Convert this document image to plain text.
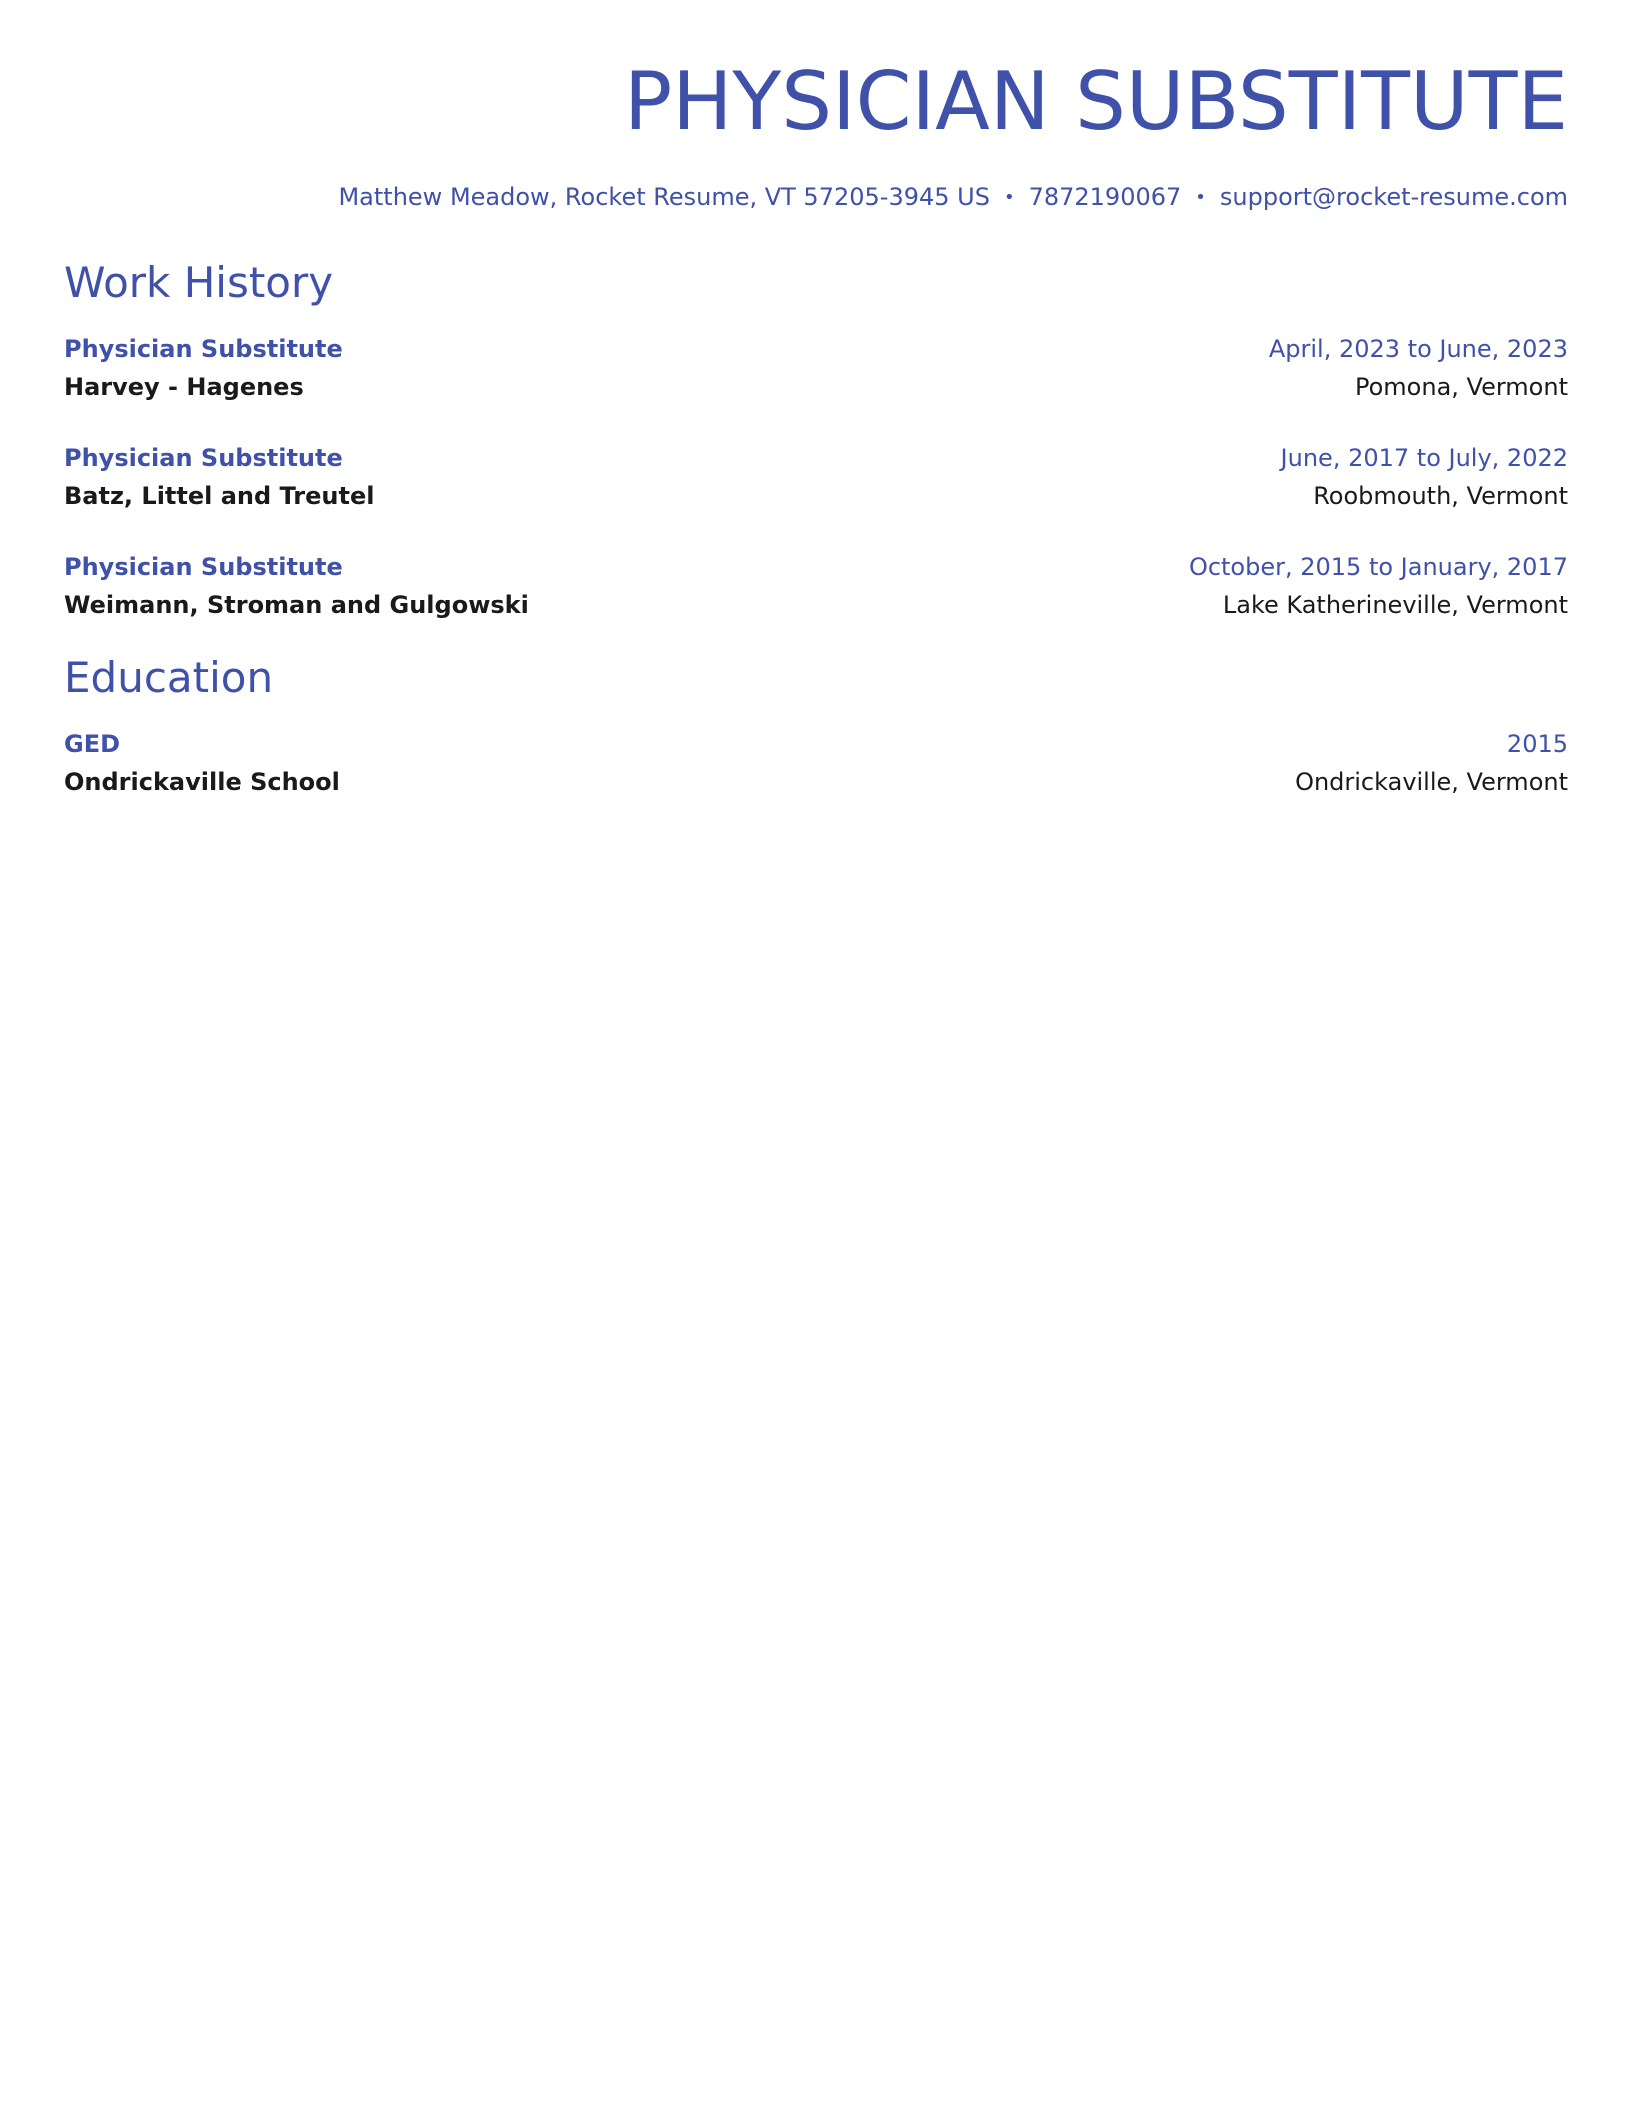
PHYSICIAN SUBSTITUTE
Matthew Meadow, Rocket Resume, VT 57205-3945 US • 7872190067 • support@rocket-resume.com
Work History
Physician Substitute	April, 2023 to June, 2023
Harvey - Hagenes	Pomona, Vermont
Physician Substitute	June, 2017 to July, 2022
Batz, Littel and Treutel	Roobmouth, Vermont
Physician Substitute	October, 2015 to January, 2017
Weimann, Stroman and Gulgowski	Lake Katherineville, Vermont
Education
GED	2015
Ondrickaville School	Ondrickaville, Vermont
